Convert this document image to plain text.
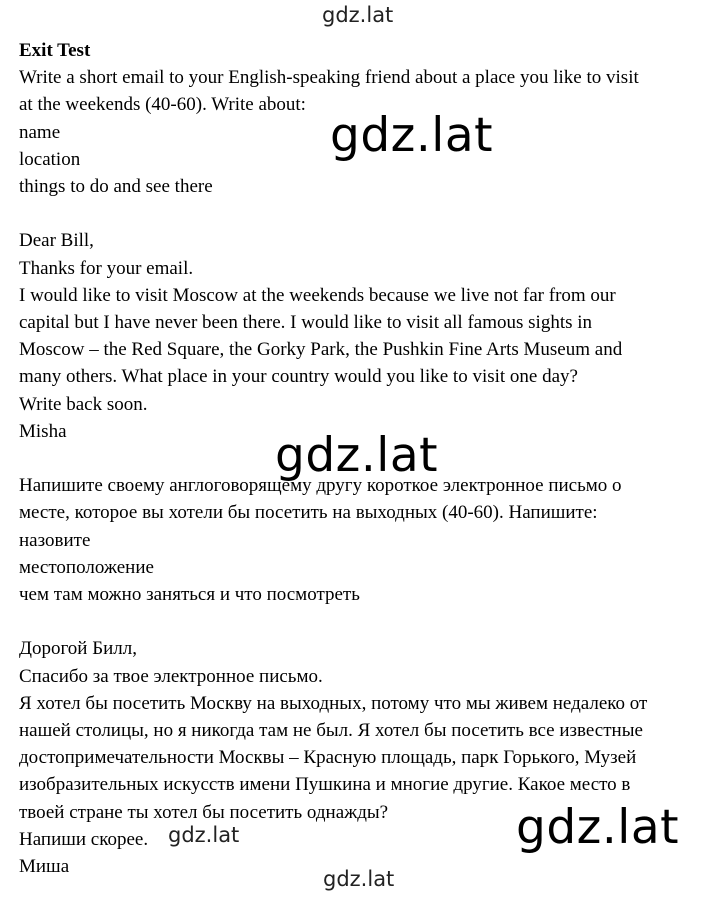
Exit Test
Write a short email to your English-speaking friend about a place you like to visit
at the weekends (40-60). Write about:
name
location
things to do and see there
Dear Bill,
Thanks for your email.
I would like to visit Moscow at the weekends because we live not far from our
capital but I have never been there. I would like to visit all famous sights in
Moscow – the Red Square, the Gorky Park, the Pushkin Fine Arts Museum and
many others. What place in your country would you like to visit one day?
Write back soon.
Misha
Напишите своему англоговорящему другу короткое электронное письмо о
месте, которое вы хотели бы посетить на выходных (40-60). Напишите:
назовите
местоположение
чем там можно заняться и что посмотреть
Дорогой Билл,
Спасибо за твое электронное письмо.
Я хотел бы посетить Москву на выходных, потому что мы живем недалеко от
нашей столицы, но я никогда там не был. Я хотел бы посетить все известные
достопримечательности Москвы – Красную площадь, парк Горького, Музей
изобразительных искусств имени Пушкина и многие другие. Какое место в
твоей стране ты хотел бы посетить однажды?
Напиши скорее.
Миша
gdz.lat
gdz.lat
gdz.lat
gdz.lat	gdz.lat
gdz.lat
